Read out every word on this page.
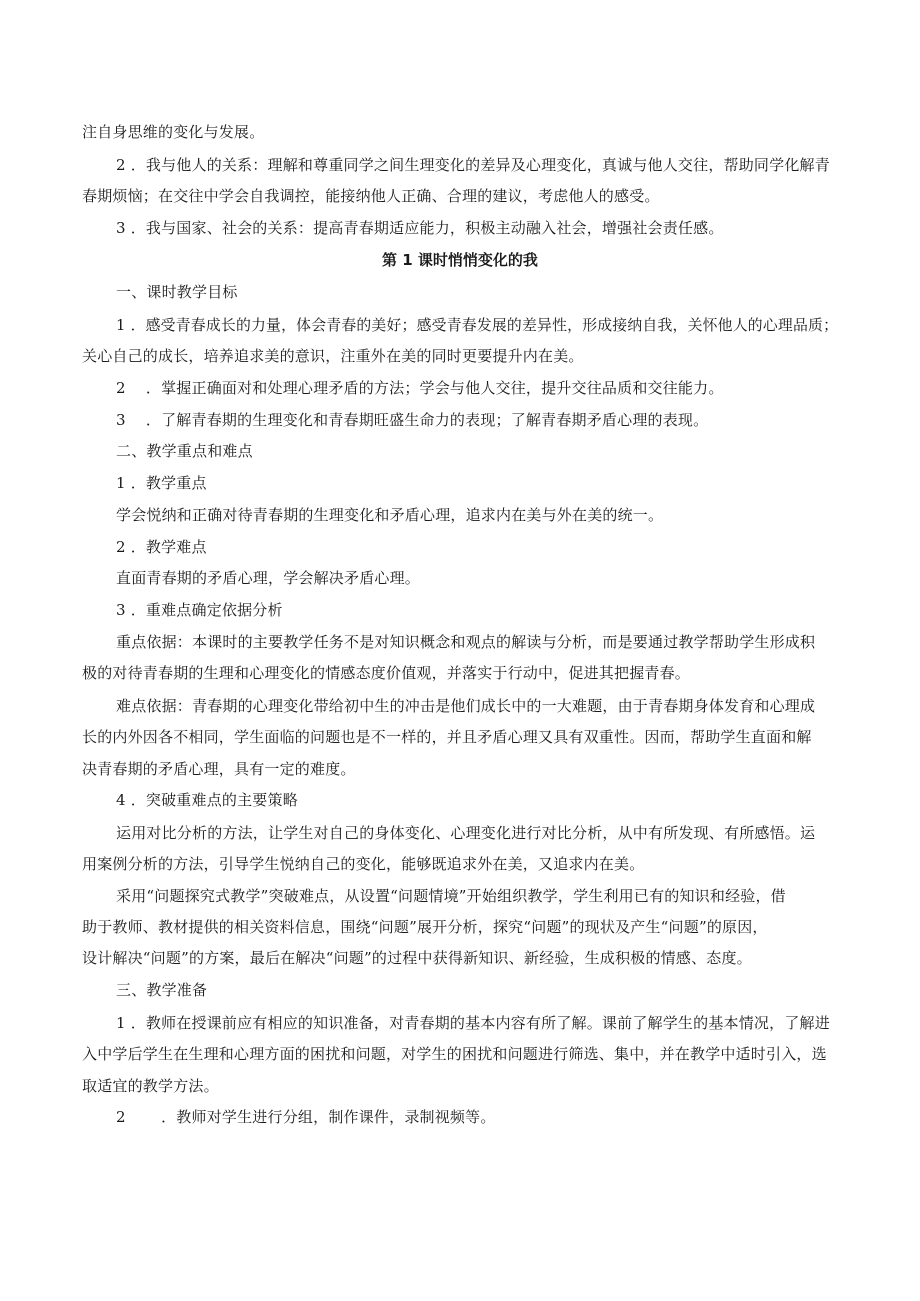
注自身思维的变化与发展。
2 ．我与他人的关系：理解和尊重同学之间生理变化的差异及心理变化，真诚与他人交往，帮助同学化解青
春期烦恼；在交往中学会自我调控，能接纳他人正确、合理的建议，考虑他人的感受。
3 ．我与国家、社会的关系：提高青春期适应能力，积极主动融入社会，增强社会责任感。
第 1 课时悄悄变化的我
一、课时教学目标
1 ．感受青春成长的力量，体会青春的美好；感受青春发展的差异性，形成接纳自我，关怀他人的心理品质；
关心自己的成长，培养追求美的意识，注重外在美的同时更要提升内在美。
2 　．掌握正确面对和处理心理矛盾的方法；学会与他人交往，提升交往品质和交往能力。
3 　．了解青春期的生理变化和青春期旺盛生命力的表现；了解青春期矛盾心理的表现。
二、教学重点和难点
1 ．教学重点
学会悦纳和正确对待青春期的生理变化和矛盾心理，追求内在美与外在美的统一。
2 ．教学难点
直面青春期的矛盾心理，学会解决矛盾心理。
3 ．重难点确定依据分析
重点依据：本课时的主要教学任务不是对知识概念和观点的解读与分析，而是要通过教学帮助学生形成积
极的对待青春期的生理和心理变化的情感态度价值观，并落实于行动中，促进其把握青春。
难点依据：青春期的心理变化带给初中生的冲击是他们成长中的一大难题，由于青春期身体发育和心理成
长的内外因各不相同，学生面临的问题也是不一样的，并且矛盾心理又具有双重性。因而，帮助学生直面和解
决青春期的矛盾心理，具有一定的难度。
4 ．突破重难点的主要策略
运用对比分析的方法，让学生对自己的身体变化、心理变化进行对比分析，从中有所发现、有所感悟。运
用案例分析的方法，引导学生悦纳自己的变化，能够既追求外在美，又追求内在美。
采用“问题探究式教学”突破难点，从设置“问题情境”开始组织教学，学生利用已有的知识和经验，借
助于教师、教材提供的相关资料信息，围绕“问题”展开分析，探究“问题”的现状及产生“问题”的原因，
设计解决“问题”的方案，最后在解决“问题”的过程中获得新知识、新经验，生成积极的情感、态度。
三、教学准备
1 ．教师在授课前应有相应的知识准备，对青春期的基本内容有所了解。课前了解学生的基本情况，了解进
入中学后学生在生理和心理方面的困扰和问题，对学生的困扰和问题进行筛选、集中，并在教学中适时引入，选
取适宜的教学方法。
2 　　．教师对学生进行分组，制作课件，录制视频等。
